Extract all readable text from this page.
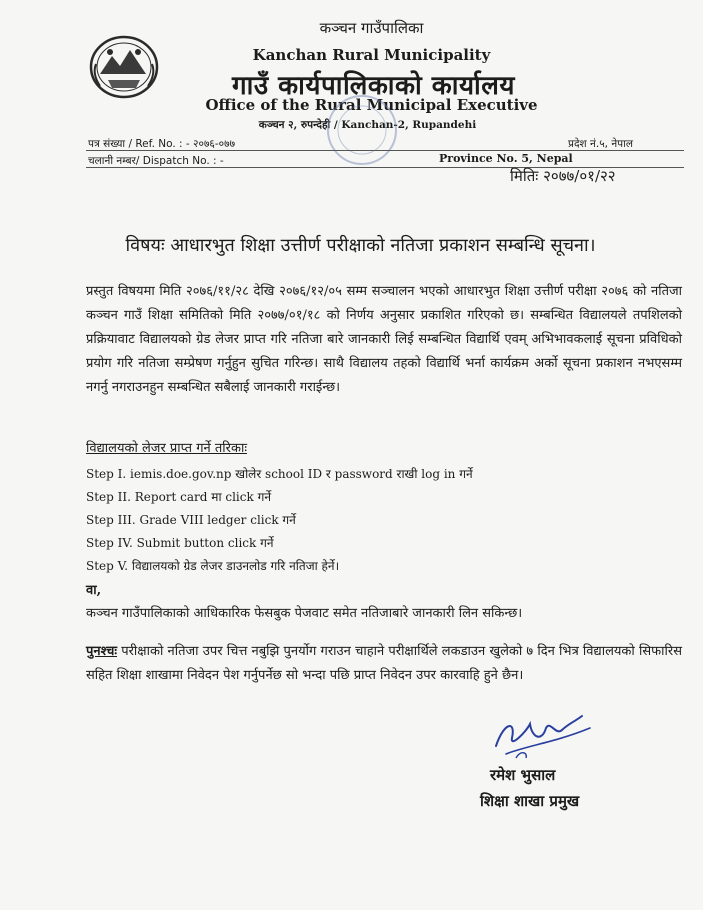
कञ्चन गाउँपालिका
Kanchan Rural Municipality
गाउँ कार्यपालिकाको कार्यालय
Office of the Rural Municipal Executive
कञ्चन २, रुपन्देही / Kanchan-2, Rupandehi
पत्र संख्या / Ref. No. : - २०७६-०७७
चलानी नम्बर/ Dispatch No. : -
प्रदेश नं.५, नेपाल
Province No. 5, Nepal
मितिः २०७७/०१/२२
विषयः आधारभुत शिक्षा उत्तीर्ण परीक्षाको नतिजा प्रकाशन सम्बन्धि सूचना।
प्रस्तुत विषयमा मिति २०७६/११/२८ देखि २०७६/१२/०५ सम्म सञ्चालन भएको आधारभुत शिक्षा उत्तीर्ण परीक्षा २०७६ को नतिजा कञ्चन गाउँ शिक्षा समितिको मिति २०७७/०१/१८ को निर्णय अनुसार प्रकाशित गरिएको छ। सम्बन्धित विद्यालयले तपशिलको प्रक्रियावाट विद्यालयको ग्रेड लेजर प्राप्त गरि नतिजा बारे जानकारी लिई सम्बन्धित विद्यार्थि एवम् अभिभावकलाई सूचना प्रविधिको प्रयोग गरि नतिजा सम्प्रेषण गर्नुहुन सुचित गरिन्छ। साथै विद्यालय तहको विद्यार्थि भर्ना कार्यक्रम अर्को सूचना प्रकाशन नभएसम्म नगर्नु नगराउनहुन सम्बन्धित सबैलाई जानकारी गराईन्छ।
विद्यालयको लेजर प्राप्त गर्ने तरिकाः
Step I. iemis.doe.gov.np खोलेर school ID र password राखी log in गर्ने
Step II. Report card मा click गर्ने
Step III. Grade VIII ledger click गर्ने
Step IV. Submit button click गर्ने
Step V. विद्यालयको ग्रेड लेजर डाउनलोड गरि नतिजा हेर्ने।
वा,
कञ्चन गाउँपालिकाको आधिकारिक फेसबुक पेजवाट समेत नतिजाबारे जानकारी लिन सकिन्छ।
पुनश्चः परीक्षाको नतिजा उपर चित्त नबुझि पुनर्योग गराउन चाहाने परीक्षार्थिले लकडाउन खुलेको ७ दिन भित्र विद्यालयको सिफारिस सहित शिक्षा शाखामा निवेदन पेश गर्नुपर्नेछ सो भन्दा पछि प्राप्त निवेदन उपर कारवाहि हुने छैन।
रमेश भुसाल
शिक्षा शाखा प्रमुख
